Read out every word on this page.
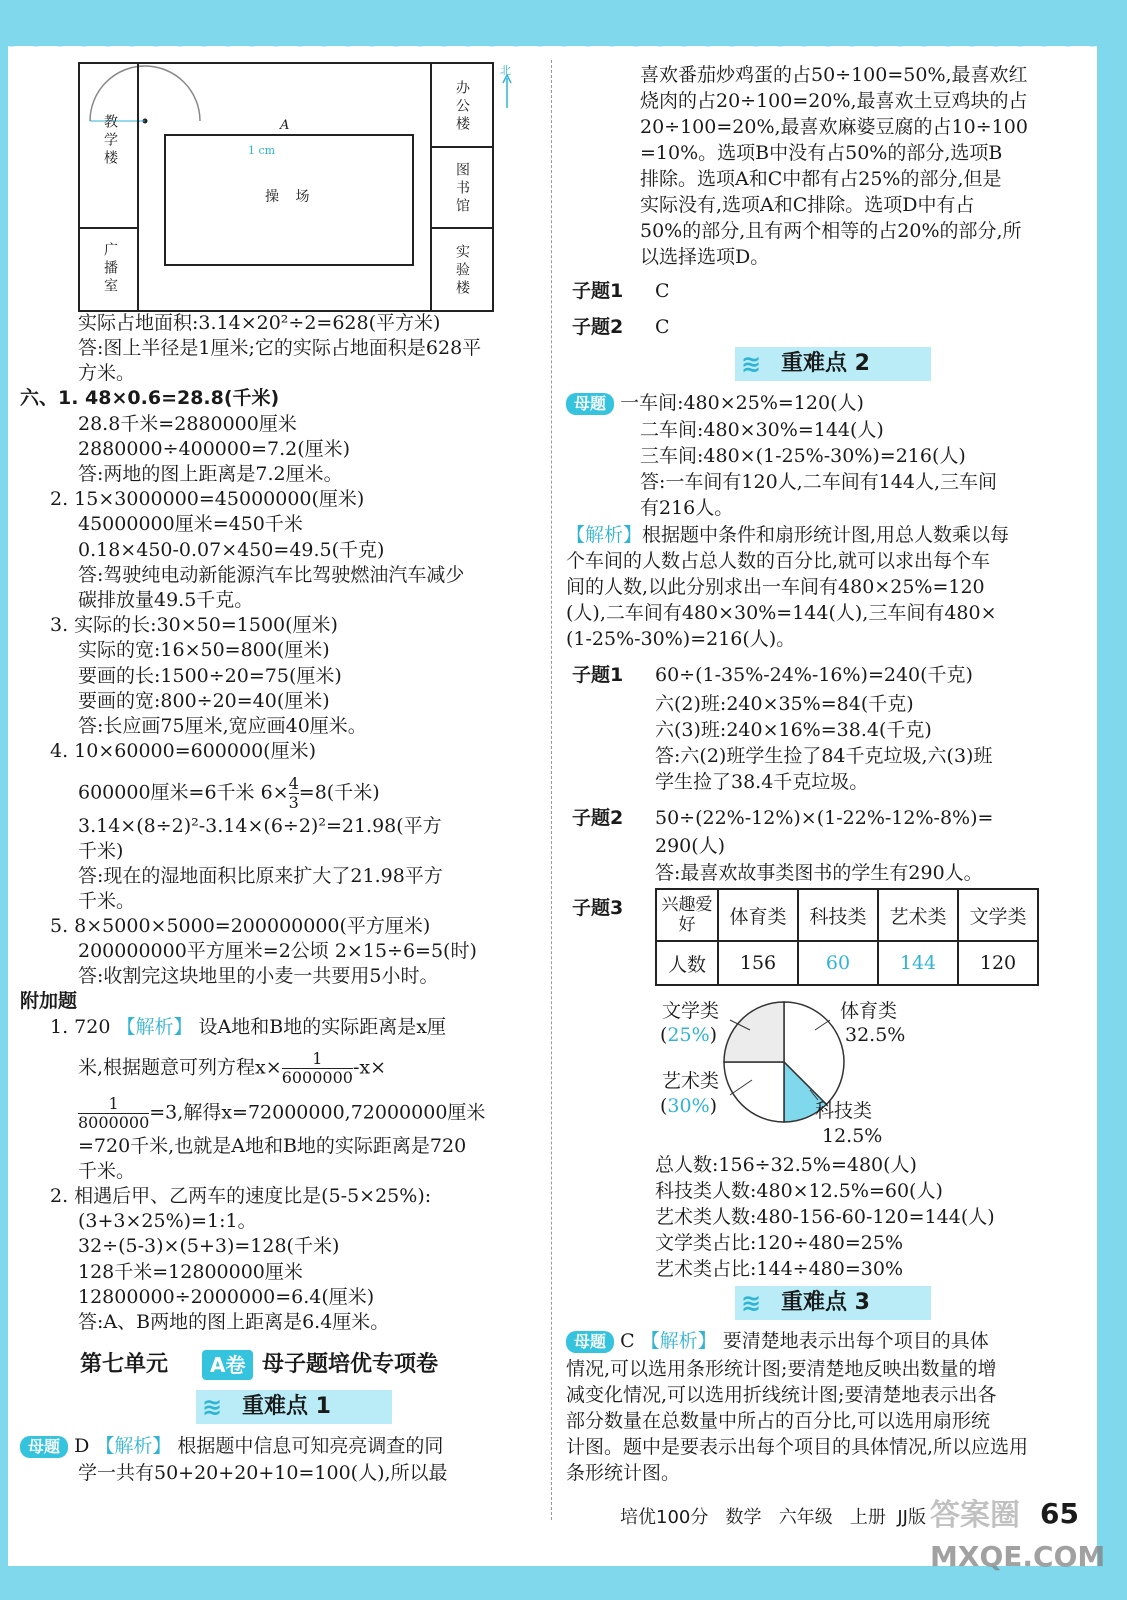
教学楼
广播室
办公楼
图书馆
实验楼
操 场
A
1 cm
北
实际占地面积:3.14×20²÷2=628(平方米)
答:图上半径是1厘米;它的实际占地面积是628平
方米。
六、1. 48×0.6=28.8(千米)
28.8千米=2880000厘米
2880000÷400000=7.2(厘米)
答:两地的图上距离是7.2厘米。
2. 15×3000000=45000000(厘米)
45000000厘米=450千米
0.18×450-0.07×450=49.5(千克)
答:驾驶纯电动新能源汽车比驾驶燃油汽车减少
碳排放量49.5千克。
3. 实际的长:30×50=1500(厘米)
实际的宽:16×50=800(厘米)
要画的长:1500÷20=75(厘米)
要画的宽:800÷20=40(厘米)
答:长应画75厘米,宽应画40厘米。
4. 10×60000=600000(厘米)
600000厘米=6千米 $6\times \frac{4}{3} =8$(千米)
3.14×(8÷2)²-3.14×(6÷2)²=21.98(平方
千米)
答:现在的湿地面积比原来扩大了21.98平方
千米。
5. 8×5000×5000=200000000(平方厘米)
200000000平方厘米=2公顷 2×15÷6=5(时)
答:收割完这块地里的小麦一共要用5小时。
附加题
1. 720 【解析】 设A地和B地的实际距离是x厘
米,根据题意可列方程$x\times \frac{1}{6000000} -x\times$
$\frac{1}{8000000} =3$,解得x=72000000,72000000厘米
=720千米,也就是A地和B地的实际距离是720
千米。
2. 相遇后甲、乙两车的速度比是(5-5×25%):
(3+3×25%)=1:1。
32÷(5-3)×(5+3)=128(千米)
128千米=12800000厘米
12800000÷2000000=6.4(厘米)
答:A、B两地的图上距离是6.4厘米。
第七单元	A卷 母子题培优专项卷
≋ 重难点 1
母题 D 【解析】 根据题中信息可知亮亮调查的同
学一共有50+20+20+10=100(人),所以最
喜欢番茄炒鸡蛋的占50÷100=50%,最喜欢红
烧肉的占20÷100=20%,最喜欢土豆鸡块的占
20÷100=20%,最喜欢麻婆豆腐的占10÷100
=10%。选项B中没有占50%的部分,选项B
排除。选项A和C中都有占25%的部分,但是
实际没有,选项A和C排除。选项D中有占
50%的部分,且有两个相等的占20%的部分,所
以选择选项D。
子题1 C
子题2 C
≋ 重难点 2
母题 一车间:480×25%=120(人)
二车间:480×30%=144(人)
三车间:480×(1-25%-30%)=216(人)
答:一车间有120人,二车间有144人,三车间
有216人。
【解析】根据题中条件和扇形统计图,用总人数乘以每
个车间的人数占总人数的百分比,就可以求出每个车
间的人数,以此分别求出一车间有480×25%=120
(人),二车间有480×30%=144(人),三车间有480×
(1-25%-30%)=216(人)。
子题1 60÷(1-35%-24%-16%)=240(千克)
六(2)班:240×35%=84(千克)
六(3)班:240×16%=38.4(千克)
答:六(2)班学生捡了84千克垃圾,六(3)班
学生捡了38.4千克垃圾。
子题2 50÷(22%-12%)×(1-22%-12%-8%)=
290(人)
答:最喜欢故事类图书的学生有290人。
子题3 兴趣爱好	体育类	科技类	艺术类	文学类
人数	156	60	144	120
文学类
(25%)
体育类
32.5%
艺术类
(30%)	科技类
12.5%
总人数:156÷32.5%=480(人)
科技类人数:480×12.5%=60(人)
艺术类人数:480-156-60-120=144(人)
文学类占比:120÷480=25%
艺术类占比:144÷480=30%
≋ 重难点 3
母题 C 【解析】 要清楚地表示出每个项目的具体
情况,可以选用条形统计图;要清楚地反映出数量的增
减变化情况,可以选用折线统计图;要清楚地表示出各
部分数量在总数量中所占的百分比,可以选用扇形统
计图。题中是要表示出每个项目的具体情况,所以应选用
条形统计图。
培优100分 数学 六年级 上册 JJ版 答案圈 65
MXQE.COM
